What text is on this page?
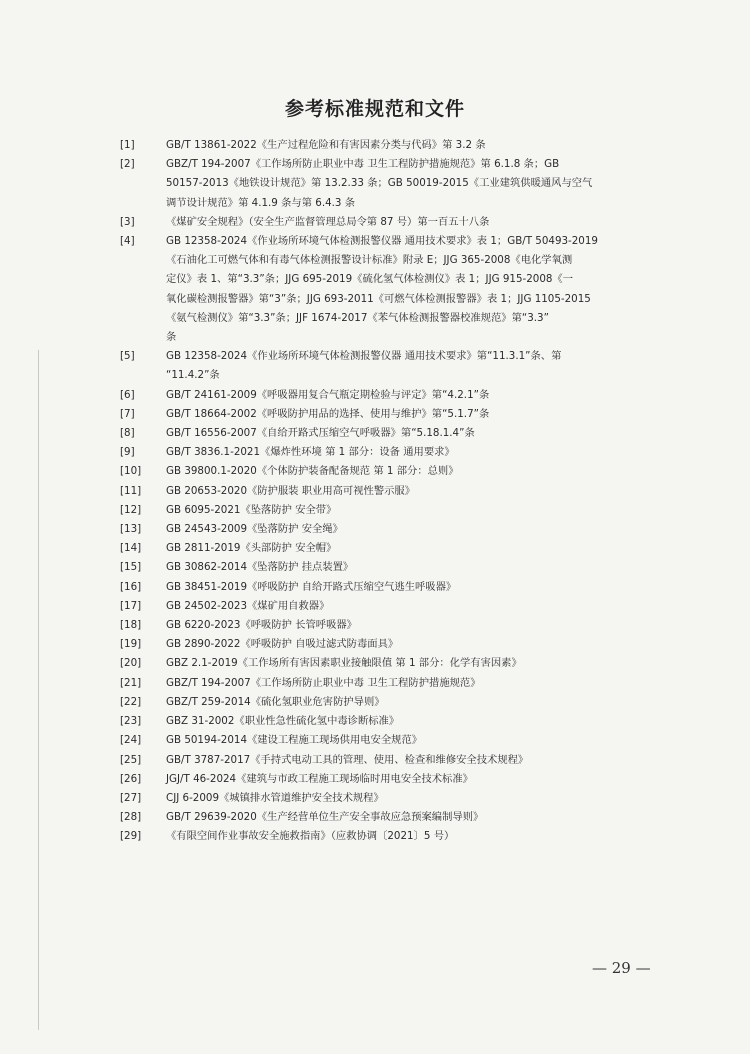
参考标准规范和文件
[1]	GB/T 13861-2022《生产过程危险和有害因素分类与代码》第 3.2 条
[2]	GBZ/T 194-2007《工作场所防止职业中毒 卫生工程防护措施规范》第 6.1.8 条；GB
50157-2013《地铁设计规范》第 13.2.33 条；GB 50019-2015《工业建筑供暖通风与空气
调节设计规范》第 4.1.9 条与第 6.4.3 条
[3]	《煤矿安全规程》（安全生产监督管理总局令第 87 号）第一百五十八条
[4]	GB 12358-2024《作业场所环境气体检测报警仪器 通用技术要求》表 1；GB/T 50493-2019
《石油化工可燃气体和有毒气体检测报警设计标准》附录 E；JJG 365-2008《电化学氧测
定仪》表 1、第“3.3”条；JJG 695-2019《硫化氢气体检测仪》表 1；JJG 915-2008《一
氧化碳检测报警器》第“3”条；JJG 693-2011《可燃气体检测报警器》表 1；JJG 1105-2015
《氨气检测仪》第“3.3”条；JJF 1674-2017《苯气体检测报警器校准规范》第“3.3”
条
[5]	GB 12358-2024《作业场所环境气体检测报警仪器 通用技术要求》第“11.3.1”条、第
“11.4.2”条
[6]	GB/T 24161-2009《呼吸器用复合气瓶定期检验与评定》第“4.2.1”条
[7]	GB/T 18664-2002《呼吸防护用品的选择、使用与维护》第“5.1.7”条
[8]	GB/T 16556-2007《自给开路式压缩空气呼吸器》第“5.18.1.4”条
[9]	GB/T 3836.1-2021《爆炸性环境 第 1 部分：设备 通用要求》
[10]	GB 39800.1-2020《个体防护装备配备规范 第 1 部分：总则》
[11]	GB 20653-2020《防护服装 职业用高可视性警示服》
[12]	GB 6095-2021《坠落防护 安全带》
[13]	GB 24543-2009《坠落防护 安全绳》
[14]	GB 2811-2019《头部防护 安全帽》
[15]	GB 30862-2014《坠落防护 挂点装置》
[16]	GB 38451-2019《呼吸防护 自给开路式压缩空气逃生呼吸器》
[17]	GB 24502-2023《煤矿用自救器》
[18]	GB 6220-2023《呼吸防护 长管呼吸器》
[19]	GB 2890-2022《呼吸防护 自吸过滤式防毒面具》
[20]	GBZ 2.1-2019《工作场所有害因素职业接触限值 第 1 部分：化学有害因素》
[21]	GBZ/T 194-2007《工作场所防止职业中毒 卫生工程防护措施规范》
[22]	GBZ/T 259-2014《硫化氢职业危害防护导则》
[23]	GBZ 31-2002《职业性急性硫化氢中毒诊断标准》
[24]	GB 50194-2014《建设工程施工现场供用电安全规范》
[25]	GB/T 3787-2017《手持式电动工具的管理、使用、检查和维修安全技术规程》
[26]	JGJ/T 46-2024《建筑与市政工程施工现场临时用电安全技术标准》
[27]	CJJ 6-2009《城镇排水管道维护安全技术规程》
[28]	GB/T 29639-2020《生产经营单位生产安全事故应急预案编制导则》
[29]	《有限空间作业事故安全施救指南》（应救协调〔2021〕5 号）
— 29 —
